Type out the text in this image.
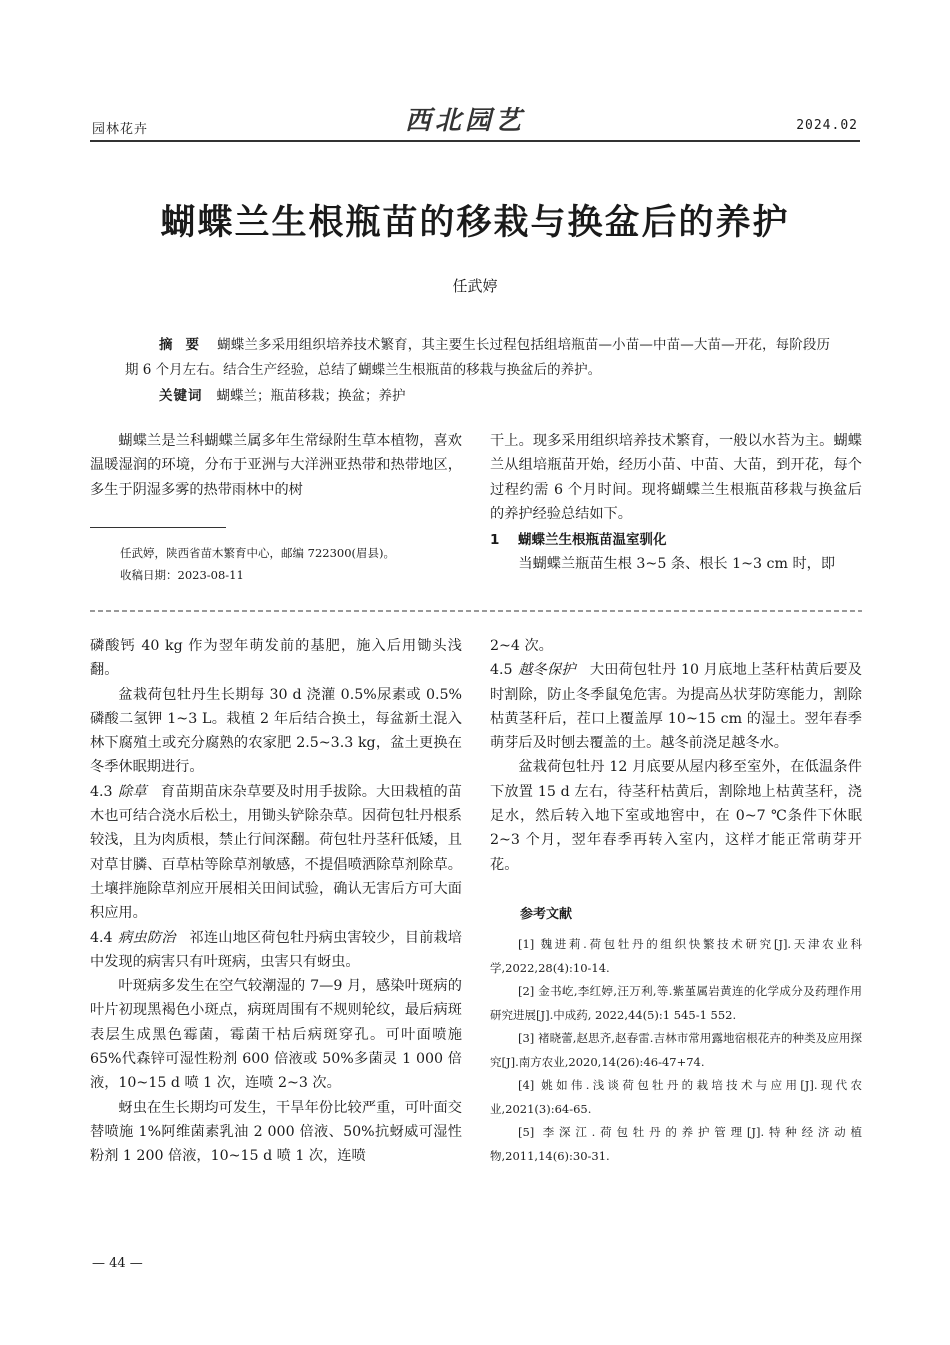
园林花卉	西北园艺	2024.02
蝴蝶兰生根瓶苗的移栽与换盆后的养护
任武婷
摘 要 蝴蝶兰多采用组织培养技术繁育，其主要生长过程包括组培瓶苗—小苗—中苗—大苗—开花，每阶段历期 6 个月左右。结合生产经验，总结了蝴蝶兰生根瓶苗的移栽与换盆后的养护。
关键词 蝴蝶兰；瓶苗移栽；换盆；养护

蝴蝶兰是兰科蝴蝶兰属多年生常绿附生草本植物，喜欢温暖湿润的环境，分布于亚洲与大洋洲亚热带和热带地区，多生于阴湿多雾的热带雨林中的树

任武婷，陕西省苗木繁育中心，邮编 722300(眉县)。
收稿日期：2023-08-11

干上。现多采用组织培养技术繁育，一般以水苔为主。蝴蝶兰从组培瓶苗开始，经历小苗、中苗、大苗，到开花，每个过程约需 6 个月时间。现将蝴蝶兰生根瓶苗移栽与换盆后的养护经验总结如下。

1 蝴蝶兰生根瓶苗温室驯化

当蝴蝶兰瓶苗生根 3~5 条、根长 1~3 cm 时，即

磷酸钙 40 kg 作为翌年萌发前的基肥，施入后用锄头浅翻。

盆栽荷包牡丹生长期每 30 d 浇灌 0.5%尿素或 0.5%磷酸二氢钾 1~3 L。栽植 2 年后结合换土，每盆新土混入林下腐殖土或充分腐熟的农家肥 2.5~3.3 kg，盆土更换在冬季休眠期进行。

4.3 除草 育苗期苗床杂草要及时用手拔除。大田栽植的苗木也可结合浇水后松土，用锄头铲除杂草。因荷包牡丹根系较浅，且为肉质根，禁止行间深翻。荷包牡丹茎秆低矮，且对草甘膦、百草枯等除草剂敏感，不提倡喷洒除草剂除草。土壤拌施除草剂应开展相关田间试验，确认无害后方可大面积应用。

4.4 病虫防治 祁连山地区荷包牡丹病虫害较少，目前栽培中发现的病害只有叶斑病，虫害只有蚜虫。

叶斑病多发生在空气较潮湿的 7—9 月，感染叶斑病的叶片初现黑褐色小斑点，病斑周围有不规则轮纹，最后病斑表层生成黑色霉菌，霉菌干枯后病斑穿孔。可叶面喷施 65%代森锌可湿性粉剂 600 倍液或 50%多菌灵 1 000 倍液，10~15 d 喷 1 次，连喷 2~3 次。

蚜虫在生长期均可发生，干旱年份比较严重，可叶面交替喷施 1%阿维菌素乳油 2 000 倍液、50%抗蚜威可湿性粉剂 1 200 倍液，10~15 d 喷 1 次，连喷

2~4 次。

4.5 越冬保护 大田荷包牡丹 10 月底地上茎秆枯黄后要及时割除，防止冬季鼠兔危害。为提高丛状芽防寒能力，割除枯黄茎秆后，茬口上覆盖厚 10~15 cm 的湿土。翌年春季萌芽后及时刨去覆盖的土。越冬前浇足越冬水。

盆栽荷包牡丹 12 月底要从屋内移至室外，在低温条件下放置 15 d 左右，待茎秆枯黄后，割除地上枯黄茎秆，浇足水，然后转入地下室或地窖中，在 0~7 ℃条件下休眠 2~3 个月，翌年春季再转入室内，这样才能正常萌芽开花。

参考文献
[1] 魏进莉.荷包牡丹的组织快繁技术研究[J].天津农业科学,2022,28(4):10-14.
[2] 金书屹,李红婷,汪万利,等.紫堇属岩黄连的化学成分及药理作用研究进展[J].中成药, 2022,44(5):1 545-1 552.
[3] 褚晓蕾,赵思齐,赵春雷.吉林市常用露地宿根花卉的种类及应用探究[J].南方农业,2020,14(26):46-47+74.
[4] 姚如伟.浅谈荷包牡丹的栽培技术与应用[J].现代农业,2021(3):64-65.
[5] 李深江.荷包牡丹的养护管理[J].特种经济动植物,2011,14(6):30-31.
— 44 —
